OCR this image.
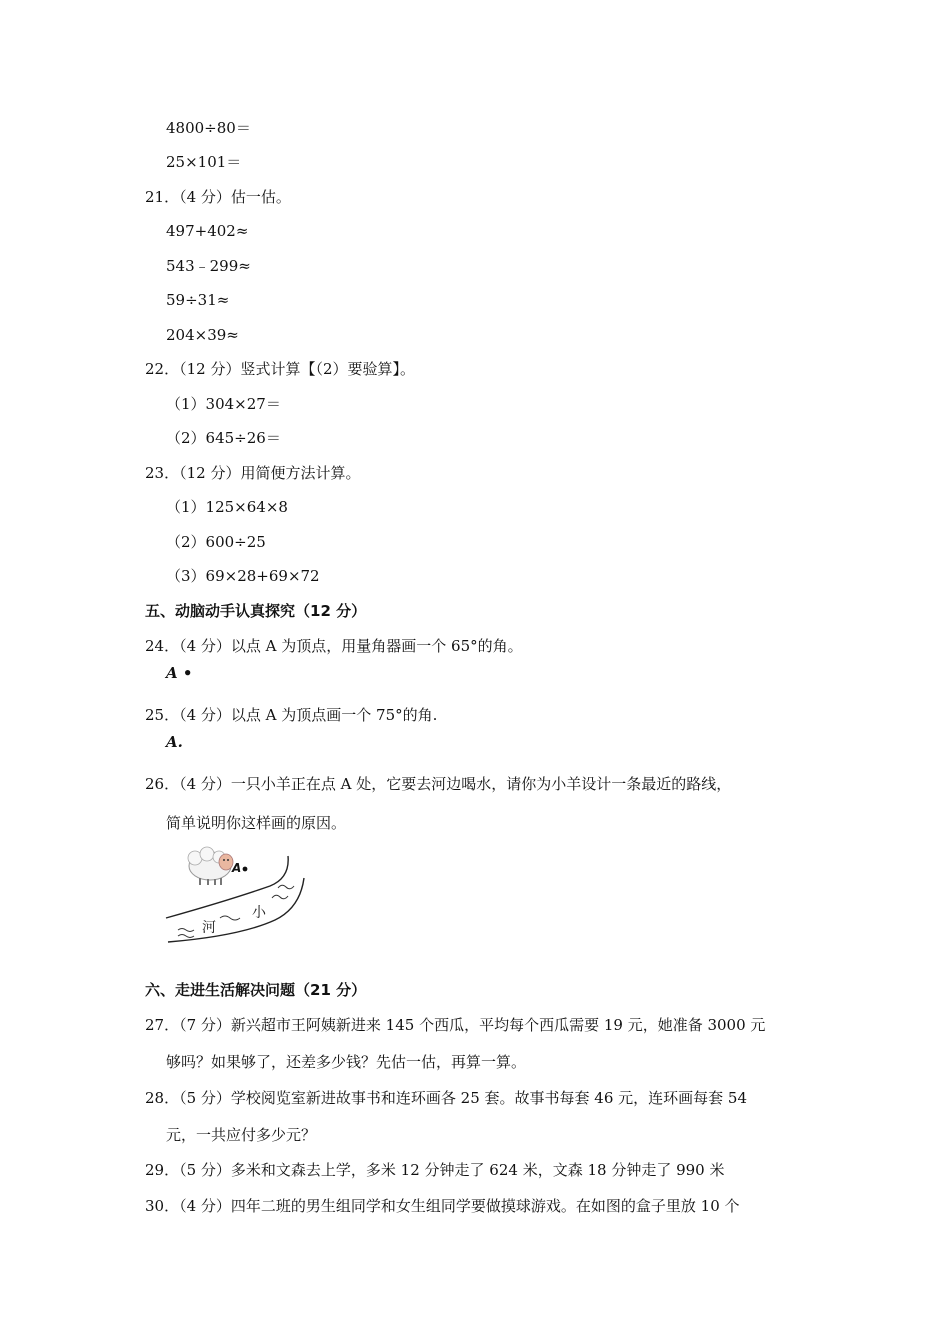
4800÷80＝
25×101＝
21．（4 分）估一估。
497+402≈
543﹣299≈
59÷31≈
204×39≈
22．（12 分）竖式计算【（2）要验算】。
（1）304×27＝
（2）645÷26＝
23．（12 分）用简便方法计算。
（1）125×64×8
（2）600÷25
（3）69×28+69×72
五、动脑动手认真探究（12 分）
24．（4 分）以点 A 为顶点，用量角器画一个 65°的角。
A •
25．（4 分）以点 A 为顶点画一个 75°的角.
A.
26．（4 分）一只小羊正在点 A 处，它要去河边喝水，请你为小羊设计一条最近的路线，
简单说明你这样画的原因。
A
小
河
六、走进生活解决问题（21 分）
27．（7 分）新兴超市王阿姨新进来 145 个西瓜，平均每个西瓜需要 19 元，她准备 3000 元
够吗？如果够了，还差多少钱？先估一估，再算一算。
28．（5 分）学校阅览室新进故事书和连环画各 25 套。故事书每套 46 元，连环画每套 54
元，一共应付多少元？
29．（5 分）多米和文森去上学，多米 12 分钟走了 624 米，文森 18 分钟走了 990 米
30．（4 分）四年二班的男生组同学和女生组同学要做摸球游戏。在如图的盒子里放 10 个
